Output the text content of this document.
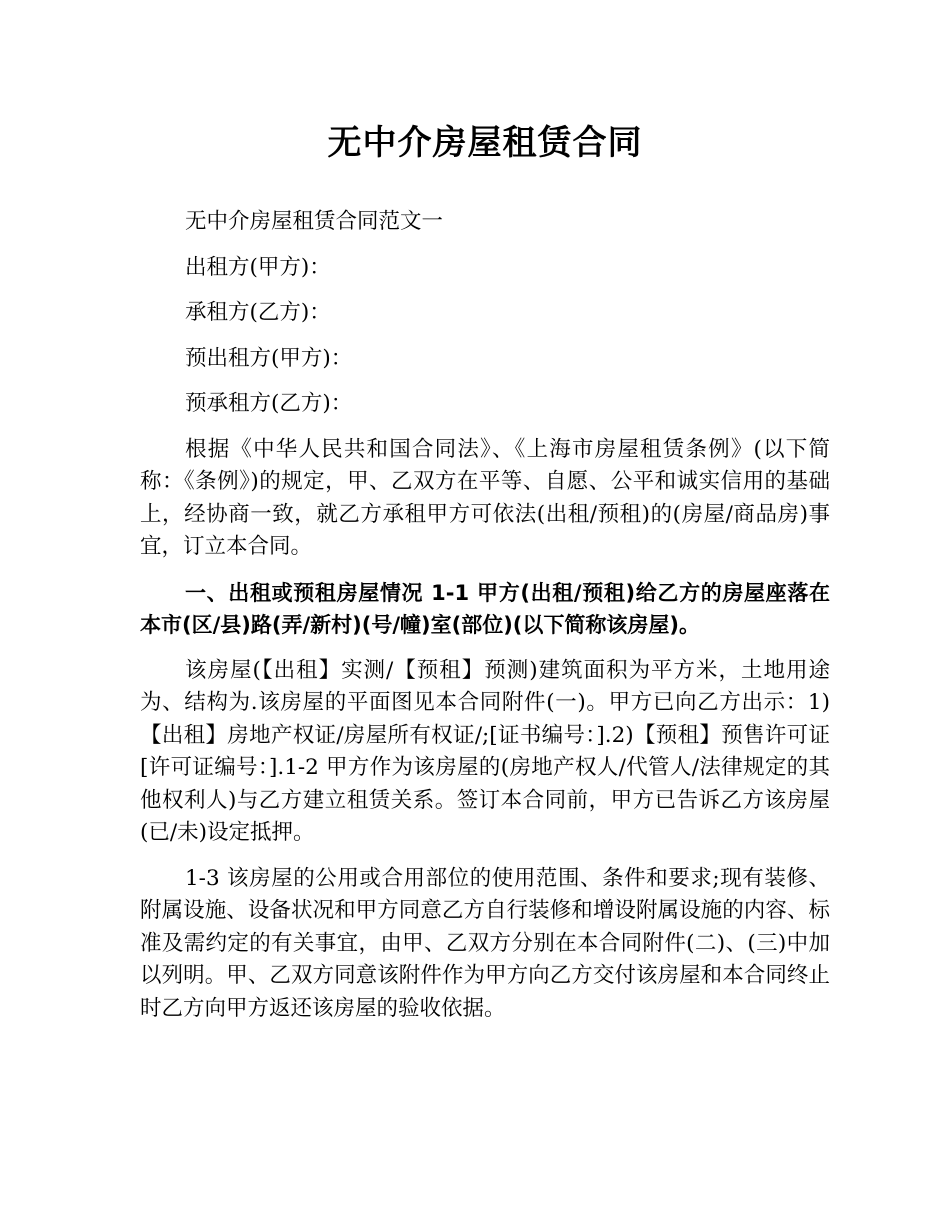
无中介房屋租赁合同

无中介房屋租赁合同范文一

出租方(甲方)：

承租方(乙方)：

预出租方(甲方)：

预承租方(乙方)：

根据《中华人民共和国合同法》、《上海市房屋租赁条例》(以下简称：《条例》)的规定，甲、乙双方在平等、自愿、公平和诚实信用的基础上，经协商一致，就乙方承租甲方可依法(出租/预租)的(房屋/商品房)事宜，订立本合同。

一、出租或预租房屋情况 1-1 甲方(出租/预租)给乙方的房屋座落在本市(区/县)路(弄/新村)(号/幢)室(部位)(以下简称该房屋)。

该房屋(【出租】实测/【预租】预测)建筑面积为平方米，土地用途为、结构为.该房屋的平面图见本合同附件(一)。甲方已向乙方出示：1)【出租】房地产权证/房屋所有权证/;[证书编号：].2)【预租】预售许可证[许可证编号：].1-2 甲方作为该房屋的(房地产权人/代管人/法律规定的其他权利人)与乙方建立租赁关系。签订本合同前，甲方已告诉乙方该房屋(已/未)设定抵押。

1-3 该房屋的公用或合用部位的使用范围、条件和要求;现有装修、附属设施、设备状况和甲方同意乙方自行装修和增设附属设施的内容、标准及需约定的有关事宜，由甲、乙双方分别在本合同附件(二)、(三)中加以列明。甲、乙双方同意该附件作为甲方向乙方交付该房屋和本合同终止时乙方向甲方返还该房屋的验收依据。
